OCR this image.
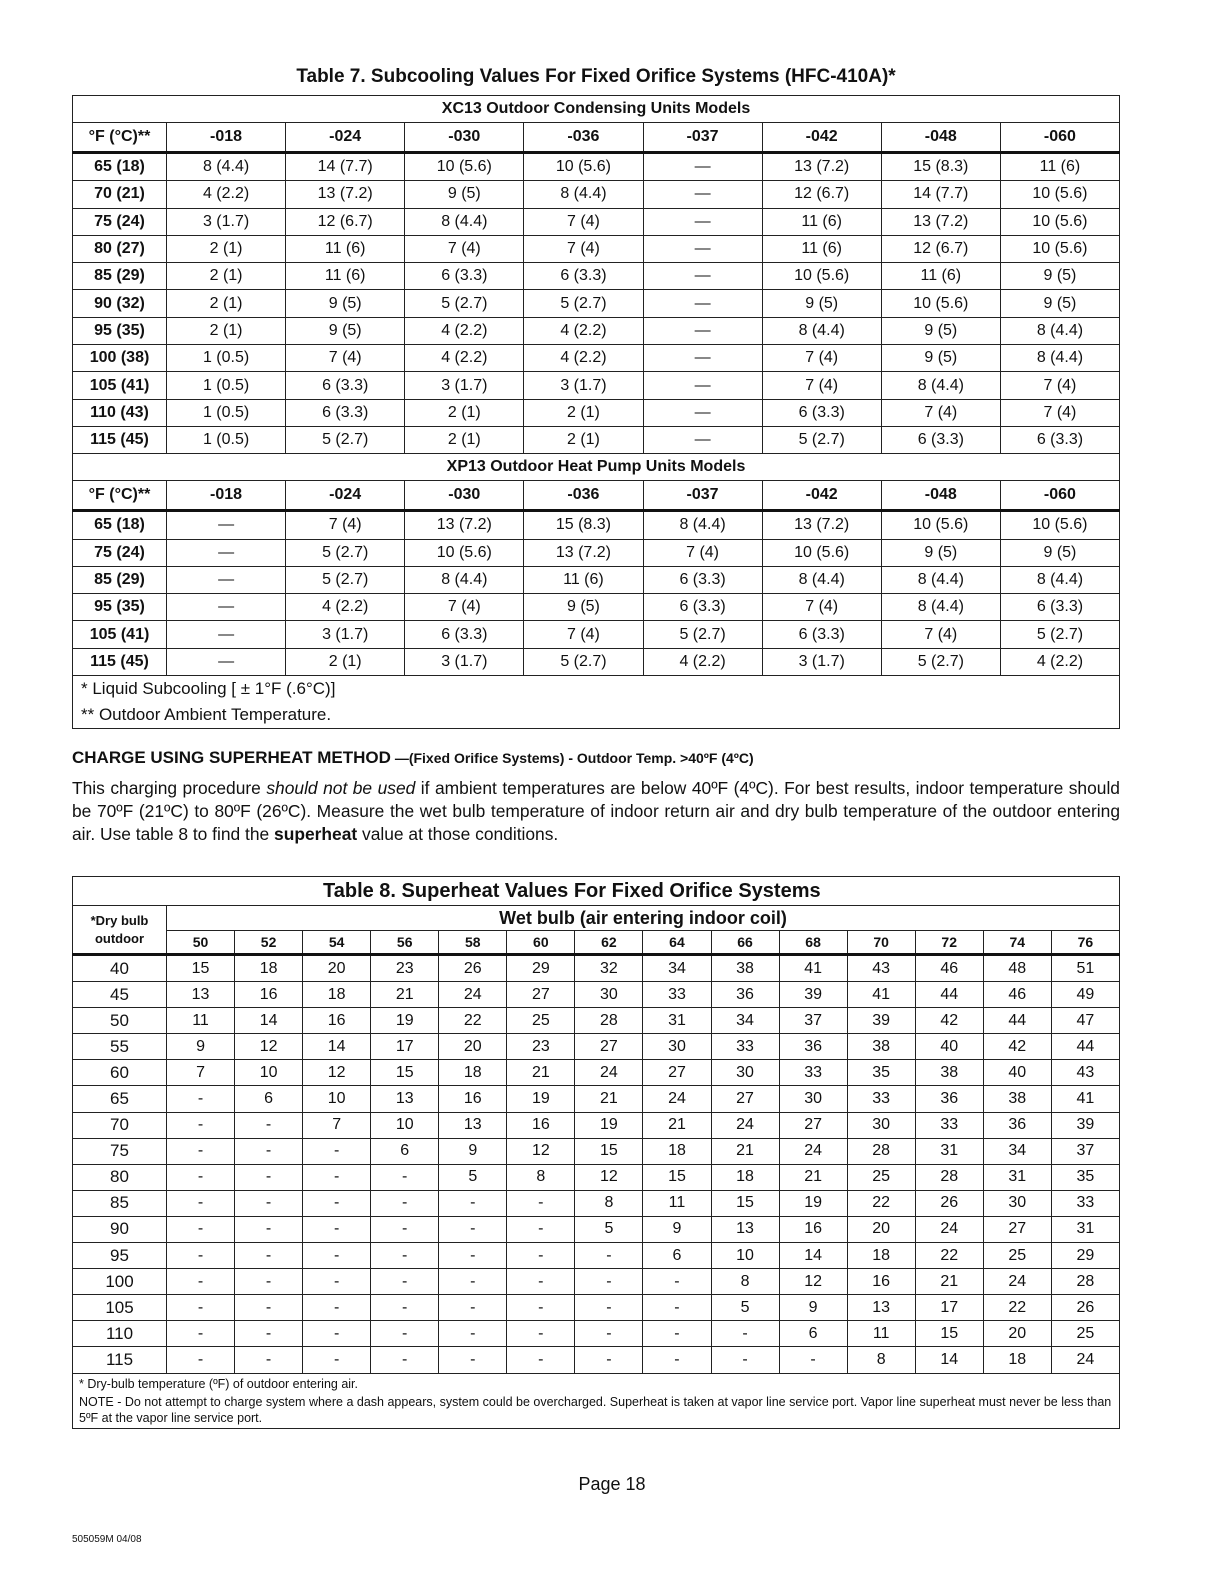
Table 7. Subcooling Values For Fixed Orifice Systems (HFC-410A)*
XC13 Outdoor Condensing Units Models								
°F (°C)**	-018	-024	-030	-036	-037	-042	-048	-060
65 (18)	8 (4.4)	14 (7.7)	10 (5.6)	10 (5.6)	—	13 (7.2)	15 (8.3)	11 (6)
70 (21)	4 (2.2)	13 (7.2)	9 (5)	8 (4.4)	—	12 (6.7)	14 (7.7)	10 (5.6)
75 (24)	3 (1.7)	12 (6.7)	8 (4.4)	7 (4)	—	11 (6)	13 (7.2)	10 (5.6)
80 (27)	2 (1)	11 (6)	7 (4)	7 (4)	—	11 (6)	12 (6.7)	10 (5.6)
85 (29)	2 (1)	11 (6)	6 (3.3)	6 (3.3)	—	10 (5.6)	11 (6)	9 (5)
90 (32)	2 (1)	9 (5)	5 (2.7)	5 (2.7)	—	9 (5)	10 (5.6)	9 (5)
95 (35)	2 (1)	9 (5)	4 (2.2)	4 (2.2)	—	8 (4.4)	9 (5)	8 (4.4)
100 (38)	1 (0.5)	7 (4)	4 (2.2)	4 (2.2)	—	7 (4)	9 (5)	8 (4.4)
105 (41)	1 (0.5)	6 (3.3)	3 (1.7)	3 (1.7)	—	7 (4)	8 (4.4)	7 (4)
110 (43)	1 (0.5)	6 (3.3)	2 (1)	2 (1)	—	6 (3.3)	7 (4)	7 (4)
115 (45)	1 (0.5)	5 (2.7)	2 (1)	2 (1)	—	5 (2.7)	6 (3.3)	6 (3.3)
XP13 Outdoor Heat Pump Units Models								
°F (°C)**	-018	-024	-030	-036	-037	-042	-048	-060
65 (18)	—	7 (4)	13 (7.2)	15 (8.3)	8 (4.4)	13 (7.2)	10 (5.6)	10 (5.6)
75 (24)	—	5 (2.7)	10 (5.6)	13 (7.2)	7 (4)	10 (5.6)	9 (5)	9 (5)
85 (29)	—	5 (2.7)	8 (4.4)	11 (6)	6 (3.3)	8 (4.4)	8 (4.4)	8 (4.4)
95 (35)	—	4 (2.2)	7 (4)	9 (5)	6 (3.3)	7 (4)	8 (4.4)	6 (3.3)
105 (41)	—	3 (1.7)	6 (3.3)	7 (4)	5 (2.7)	6 (3.3)	7 (4)	5 (2.7)
115 (45)	—	2 (1)	3 (1.7)	5 (2.7)	4 (2.2)	3 (1.7)	5 (2.7)	4 (2.2)
* Liquid Subcooling [ ± 1°F (.6°C)]								
** Outdoor Ambient Temperature.								
CHARGE USING SUPERHEAT METHOD —(Fixed Orifice Systems) - Outdoor Temp. >40ºF (4ºC)
This charging procedure should not be used if ambient temperatures are below 40ºF (4ºC). For best results, indoor temperature should be 70ºF (21ºC) to 80ºF (26ºC). Measure the wet bulb temperature of indoor return air and dry bulb temperature of the outdoor entering air. Use table 8 to find the superheat value at those conditions.
Table 8. Superheat Values For Fixed Orifice Systems														

*Dry bulb
outdoor	Wet bulb (air entering indoor coil)													
	50	52	54	56	58	60	62	64	66	68	70	72	74	76
40	15	18	20	23	26	29	32	34	38	41	43	46	48	51
45	13	16	18	21	24	27	30	33	36	39	41	44	46	49
50	11	14	16	19	22	25	28	31	34	37	39	42	44	47
55	9	12	14	17	20	23	27	30	33	36	38	40	42	44
60	7	10	12	15	18	21	24	27	30	33	35	38	40	43
65	-	6	10	13	16	19	21	24	27	30	33	36	38	41
70	-	-	7	10	13	16	19	21	24	27	30	33	36	39
75	-	-	-	6	9	12	15	18	21	24	28	31	34	37
80	-	-	-	-	5	8	12	15	18	21	25	28	31	35
85	-	-	-	-	-	-	8	11	15	19	22	26	30	33
90	-	-	-	-	-	-	5	9	13	16	20	24	27	31
95	-	-	-	-	-	-	-	6	10	14	18	22	25	29
100	-	-	-	-	-	-	-	-	8	12	16	21	24	28
105	-	-	-	-	-	-	-	-	5	9	13	17	22	26
110	-	-	-	-	-	-	-	-	-	6	11	15	20	25
115	-	-	-	-	-	-	-	-	-	-	8	14	18	24

* Dry-bulb temperature (ºF) of outdoor entering air.
NOTE - Do not attempt to charge system where a dash appears, system could be overcharged. Superheat is taken at vapor line service port. Vapor line superheat must never be less than 5ºF at the vapor line service port.														
Page 18
505059M 04/08
